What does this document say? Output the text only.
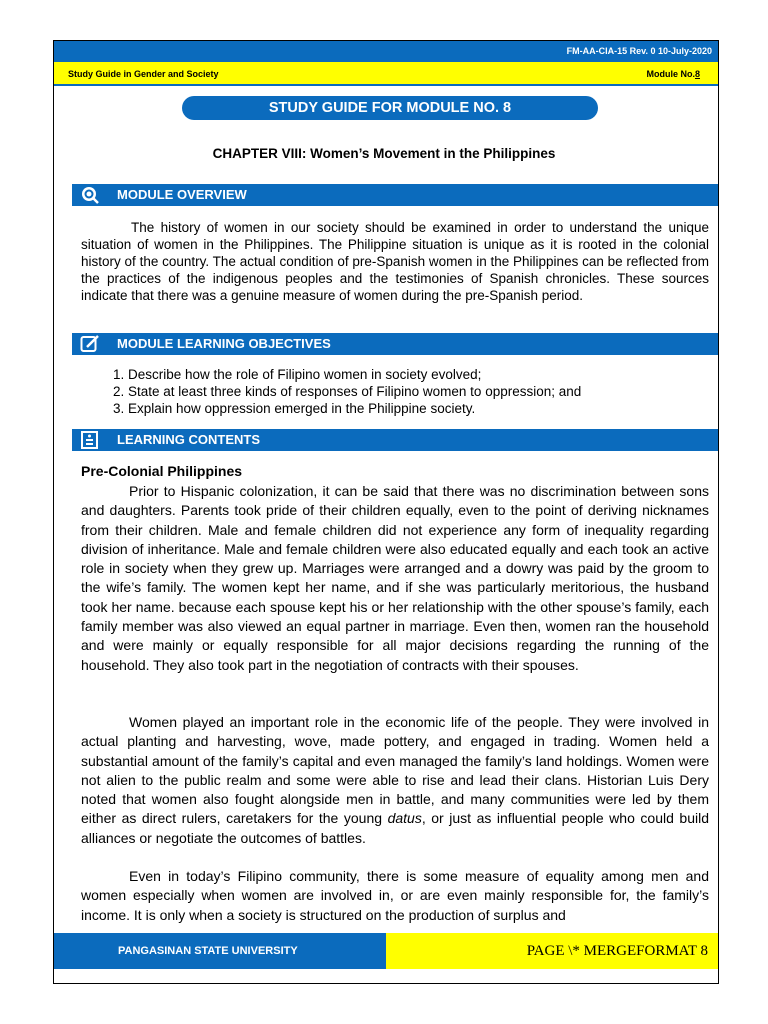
FM-AA-CIA-15 Rev. 0 10-July-2020
Study Guide in Gender and Society	Module No.8
STUDY GUIDE FOR MODULE NO. 8
CHAPTER VIII: Women’s Movement in the Philippines
MODULE OVERVIEW
The history of women in our society should be examined in order to understand the unique situation of women in the Philippines. The Philippine situation is unique as it is rooted in the colonial history of the country. The actual condition of pre-Spanish women in the Philippines can be reflected from the practices of the indigenous peoples and the testimonies of Spanish chronicles. These sources indicate that there was a genuine measure of women during the pre-Spanish period.
MODULE LEARNING OBJECTIVES
1. Describe how the role of Filipino women in society evolved;
2. State at least three kinds of responses of Filipino women to oppression; and
3. Explain how oppression emerged in the Philippine society.
LEARNING CONTENTS
Pre-Colonial Philippines
Prior to Hispanic colonization, it can be said that there was no discrimination between sons and daughters. Parents took pride of their children equally, even to the point of deriving nicknames from their children. Male and female children did not experience any form of inequality regarding division of inheritance. Male and female children were also educated equally and each took an active role in society when they grew up. Marriages were arranged and a dowry was paid by the groom to the wife’s family. The women kept her name, and if she was particularly meritorious, the husband took her name. because each spouse kept his or her relationship with the other spouse’s family, each family member was also viewed an equal partner in marriage. Even then, women ran the household and were mainly or equally responsible for all major decisions regarding the running of the household. They also took part in the negotiation of contracts with their spouses.
Women played an important role in the economic life of the people. They were involved in actual planting and harvesting, wove, made pottery, and engaged in trading. Women held a substantial amount of the family’s capital and even managed the family’s land holdings. Women were not alien to the public realm and some were able to rise and lead their clans. Historian Luis Dery noted that women also fought alongside men in battle, and many communities were led by them either as direct rulers, caretakers for the young datus, or just as influential people who could build alliances or negotiate the outcomes of battles.
Even in today’s Filipino community, there is some measure of equality among men and women especially when women are involved in, or are even mainly responsible for, the family’s income. It is only when a society is structured on the production of surplus and
PANGASINAN STATE UNIVERSITY	PAGE \* MERGEFORMAT 8
